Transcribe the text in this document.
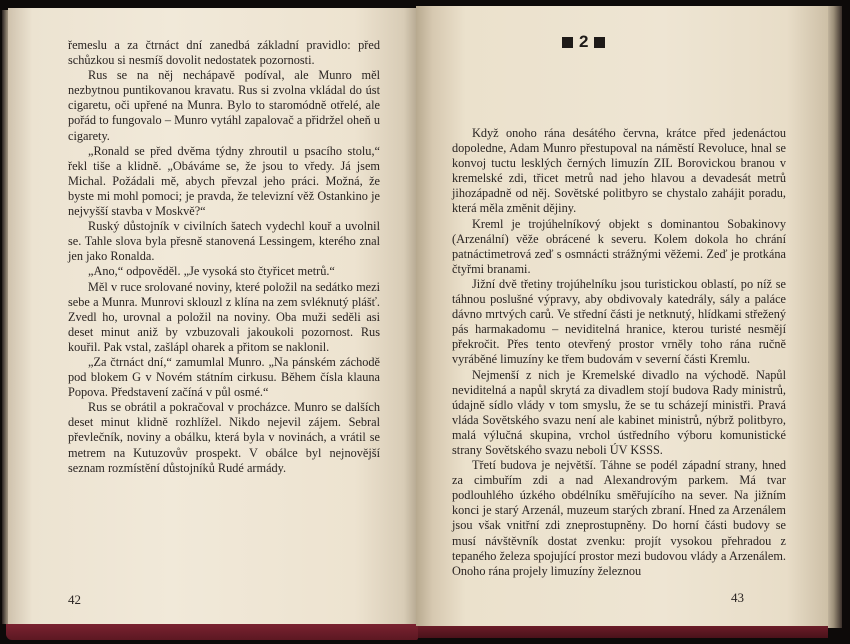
řemeslu a za čtrnáct dní zanedbá základní pravidlo: před schůzkou si nesmíš dovolit nedostatek pozornosti.

Rus se na něj nechápavě podíval, ale Munro měl nezbytnou puntikovanou kravatu. Rus si zvolna vkládal do úst cigaretu, oči upřené na Munra. Bylo to staromódně otřelé, ale pořád to fungovalo – Munro vytáhl zapalovač a přidržel oheň u cigarety.

„Ronald se před dvěma týdny zhroutil u psacího stolu,“ řekl tiše a klidně. „Obáváme se, že jsou to vředy. Já jsem Michal. Požádali mě, abych převzal jeho práci. Možná, že byste mi mohl pomoci; je pravda, že televizní věž Ostankino je nejvyšší stavba v Moskvě?“

Ruský důstojník v civilních šatech vydechl kouř a uvolnil se. Tahle slova byla přesně stanovená Lessingem, kterého znal jen jako Ronalda.

„Ano,“ odpověděl. „Je vysoká sto čtyřicet metrů.“

Měl v ruce srolované noviny, které položil na sedátko mezi sebe a Munra. Munrovi sklouzl z klína na zem svléknutý plášť. Zvedl ho, urovnal a položil na noviny. Oba muži seděli asi deset minut aniž by vzbuzovali jakoukoli pozornost. Rus kouřil. Pak vstal, zašlápl oharek a přitom se naklonil.

„Za čtrnáct dní,“ zamumlal Munro. „Na pánském záchodě pod blokem G v Novém státním cirkusu. Během čísla klauna Popova. Představení začíná v půl osmé.“

Rus se obrátil a pokračoval v procházce. Munro se dalších deset minut klidně rozhlížel. Nikdo nejevil zájem. Sebral převlečník, noviny a obálku, která byla v novinách, a vrátil se metrem na Kutuzovův prospekt. V obálce byl nejnovější seznam rozmístění důstojníků Rudé armády.

42
2

Když onoho rána desátého června, krátce před jedenáctou dopoledne, Adam Munro přestupoval na náměstí Revoluce, hnal se konvoj tuctu lesklých černých limuzín ZIL Borovickou branou v kremelské zdi, třicet metrů nad jeho hlavou a devadesát metrů jihozápadně od něj. Sovětské politbyro se chystalo zahájit poradu, která měla změnit dějiny.

Kreml je trojúhelníkový objekt s dominantou Sobakinovy (Arzenální) věže obrácené k severu. Kolem dokola ho chrání patnáctimetrová zeď s osmnácti strážnými věžemi. Zeď je protkána čtyřmi branami.

Jižní dvě třetiny trojúhelníku jsou turistickou oblastí, po níž se táhnou poslušné výpravy, aby obdivovaly katedrály, sály a paláce dávno mrtvých carů. Ve střední části je netknutý, hlídkami střežený pás harmakadomu – neviditelná hranice, kterou turisté nesmějí překročit. Přes tento otevřený prostor vrněly toho rána ručně vyráběné limuzíny ke třem budovám v severní části Kremlu.

Nejmenší z nich je Kremelské divadlo na východě. Napůl neviditelná a napůl skrytá za divadlem stojí budova Rady ministrů, údajně sídlo vlády v tom smyslu, že se tu scházejí ministři. Pravá vláda Sovětského svazu není ale kabinet ministrů, nýbrž politbyro, malá výlučná skupina, vrchol ústředního výboru komunistické strany Sovětského svazu neboli ÚV KSSS.

Třetí budova je největší. Táhne se podél západní strany, hned za cimbuřím zdi a nad Alexandrovým parkem. Má tvar podlouhlého úzkého obdélníku směřujícího na sever. Na jižním konci je starý Arzenál, muzeum starých zbraní. Hned za Arzenálem jsou však vnitřní zdi zneprostupněny. Do horní části budovy se musí návštěvník dostat zvenku: projít vysokou přehradou z tepaného železa spojující prostor mezi budovou vlády a Arzenálem. Onoho rána projely limuzíny železnou

43
